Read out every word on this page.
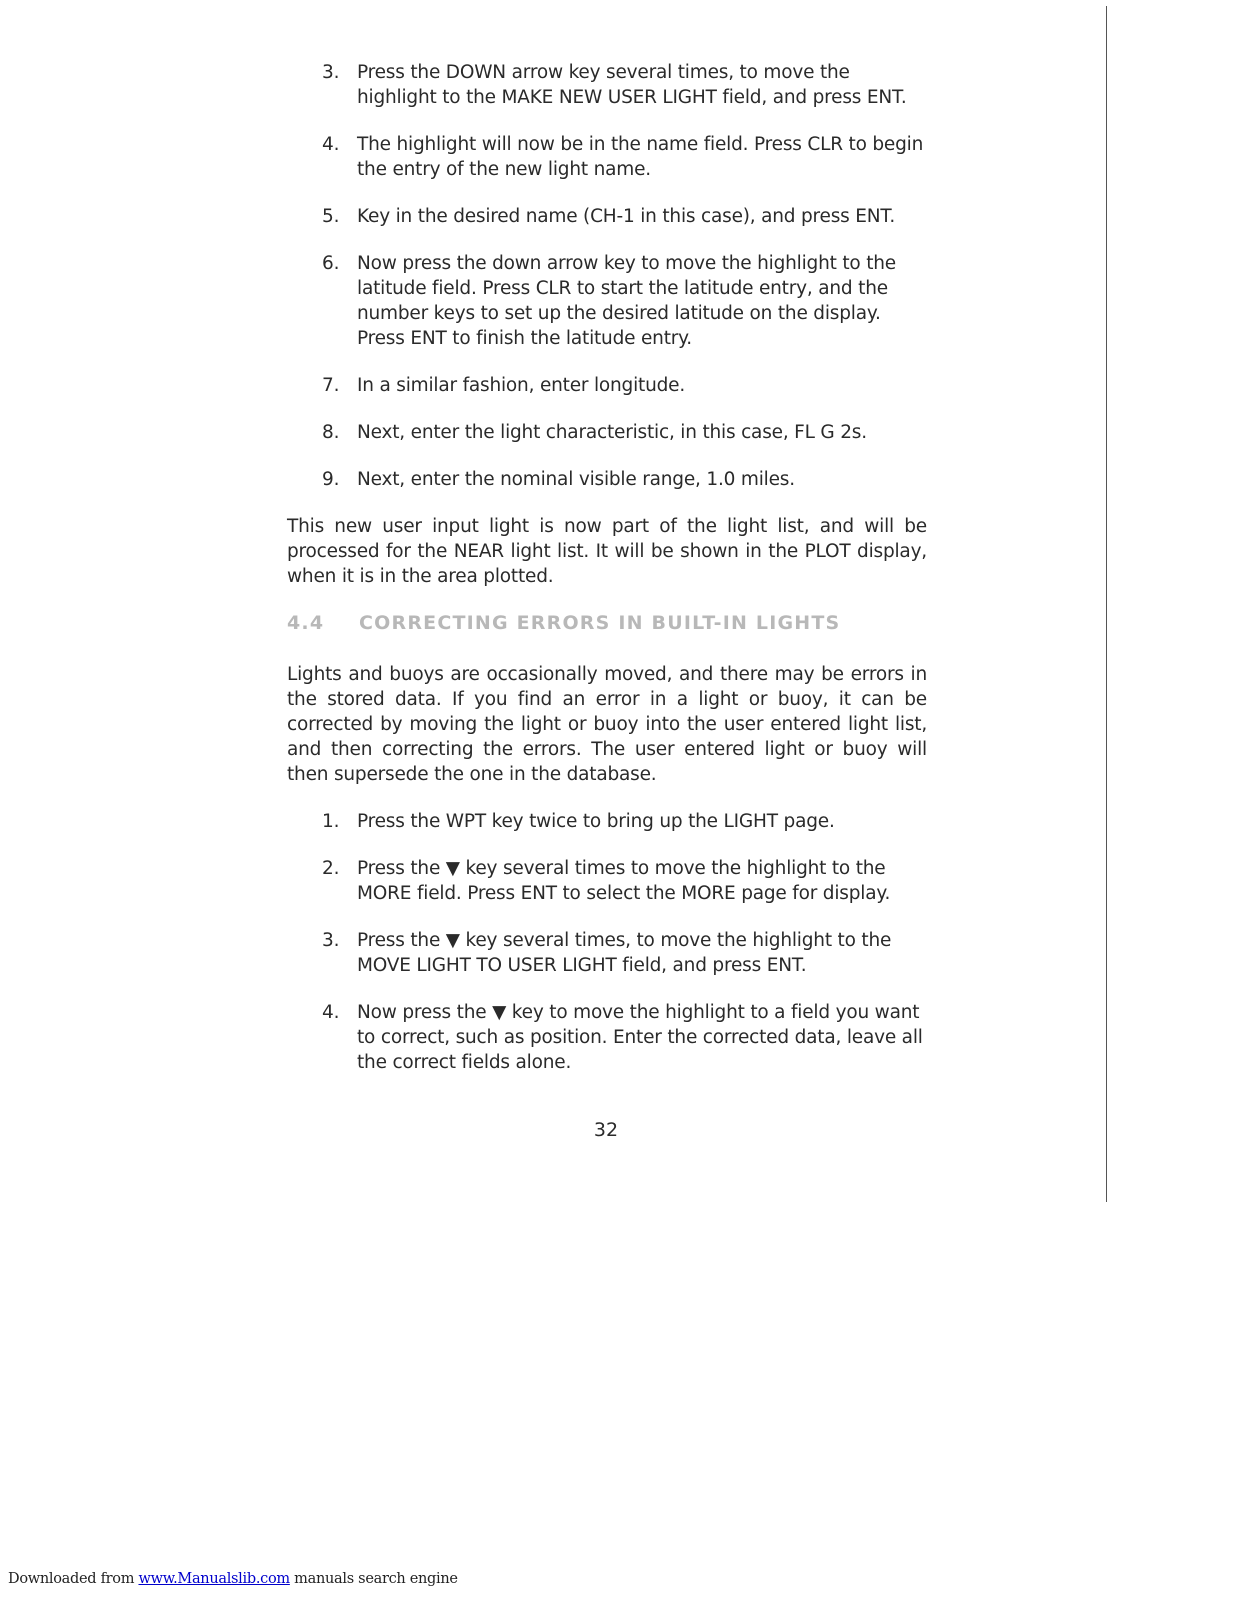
3. Press the DOWN arrow key several times, to move the highlight to the MAKE NEW USER LIGHT field, and press ENT.
4. The highlight will now be in the name field. Press CLR to begin the entry of the new light name.
5. Key in the desired name (CH-1 in this case), and press ENT.
6. Now press the down arrow key to move the highlight to the latitude field. Press CLR to start the latitude entry, and the number keys to set up the desired latitude on the display. Press ENT to finish the latitude entry.
7. In a similar fashion, enter longitude.
8. Next, enter the light characteristic, in this case, FL G 2s.
9. Next, enter the nominal visible range, 1.0 miles.

This new user input light is now part of the light list, and will be processed for the NEAR light list. It will be shown in the PLOT display, when it is in the area plotted.

4.4	CORRECTING ERRORS IN BUILT-IN LIGHTS

Lights and buoys are occasionally moved, and there may be errors in the stored data. If you find an error in a light or buoy, it can be corrected by moving the light or buoy into the user entered light list, and then correcting the errors. The user entered light or buoy will then supersede the one in the database.

1. Press the WPT key twice to bring up the LIGHT page.
2. Press the ▼ key several times to move the highlight to the MORE field. Press ENT to select the MORE page for display.
3. Press the ▼ key several times, to move the highlight to the MOVE LIGHT TO USER LIGHT field, and press ENT.
4. Now press the ▼ key to move the highlight to a field you want to correct, such as position. Enter the corrected data, leave all the correct fields alone.
32
Downloaded from www.Manualslib.com manuals search engine
